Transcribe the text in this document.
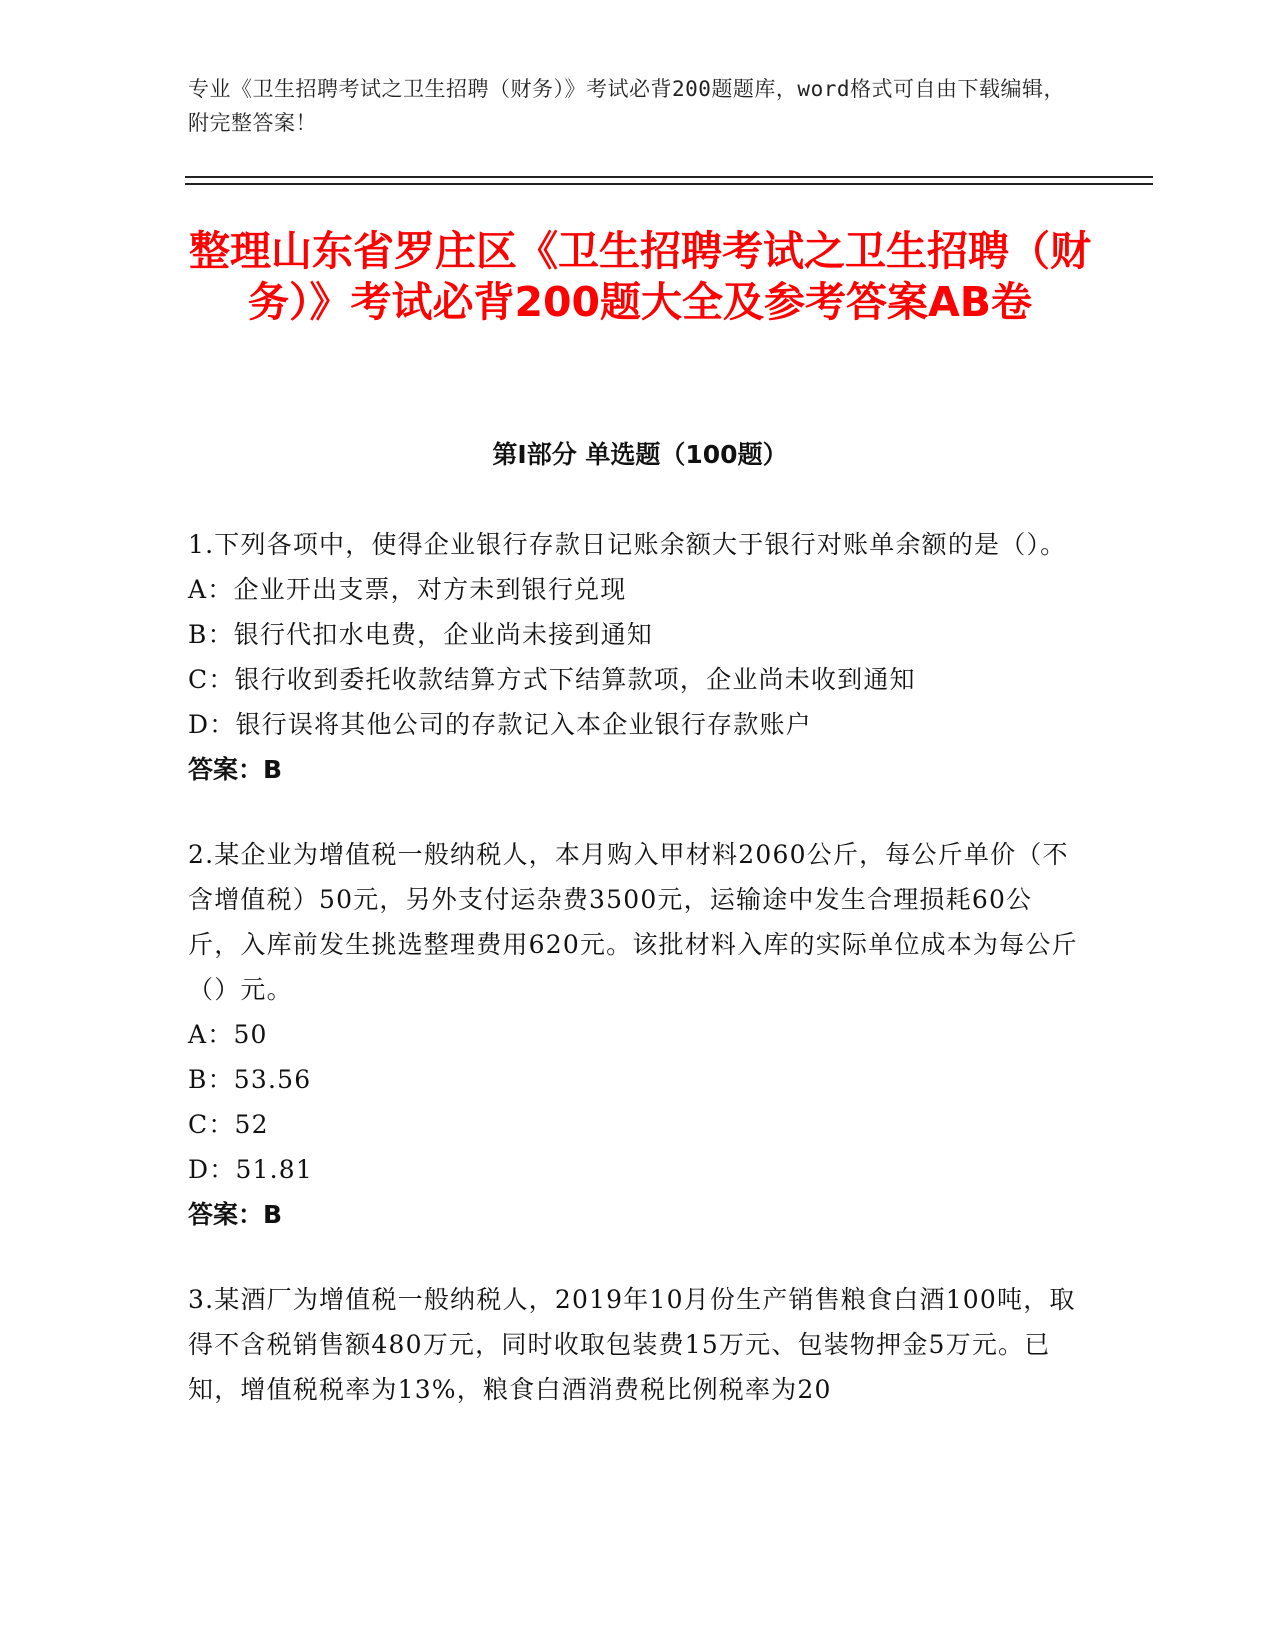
专业《卫生招聘考试之卫生招聘（财务）》考试必背200题题库，word格式可自由下载编辑，附完整答案！
整理山东省罗庄区《卫生招聘考试之卫生招聘（财务）》考试必背200题大全及参考答案AB卷
第Ⅰ部分 单选题（100题）
1.下列各项中，使得企业银行存款日记账余额大于银行对账单余额的是（）。
A：企业开出支票，对方未到银行兑现
B：银行代扣水电费，企业尚未接到通知
C：银行收到委托收款结算方式下结算款项，企业尚未收到通知
D：银行误将其他公司的存款记入本企业银行存款账户
答案：B
2.某企业为增值税一般纳税人，本月购入甲材料2060公斤，每公斤单价（不含增值税）50元，另外支付运杂费3500元，运输途中发生合理损耗60公斤，入库前发生挑选整理费用620元。该批材料入库的实际单位成本为每公斤（）元。
A：50
B：53.56
C：52
D：51.81
答案：B
3.某酒厂为增值税一般纳税人，2019年10月份生产销售粮食白酒100吨，取得不含税销售额480万元，同时收取包装费15万元、包装物押金5万元。已知，增值税税率为13%，粮食白酒消费税比例税率为20
